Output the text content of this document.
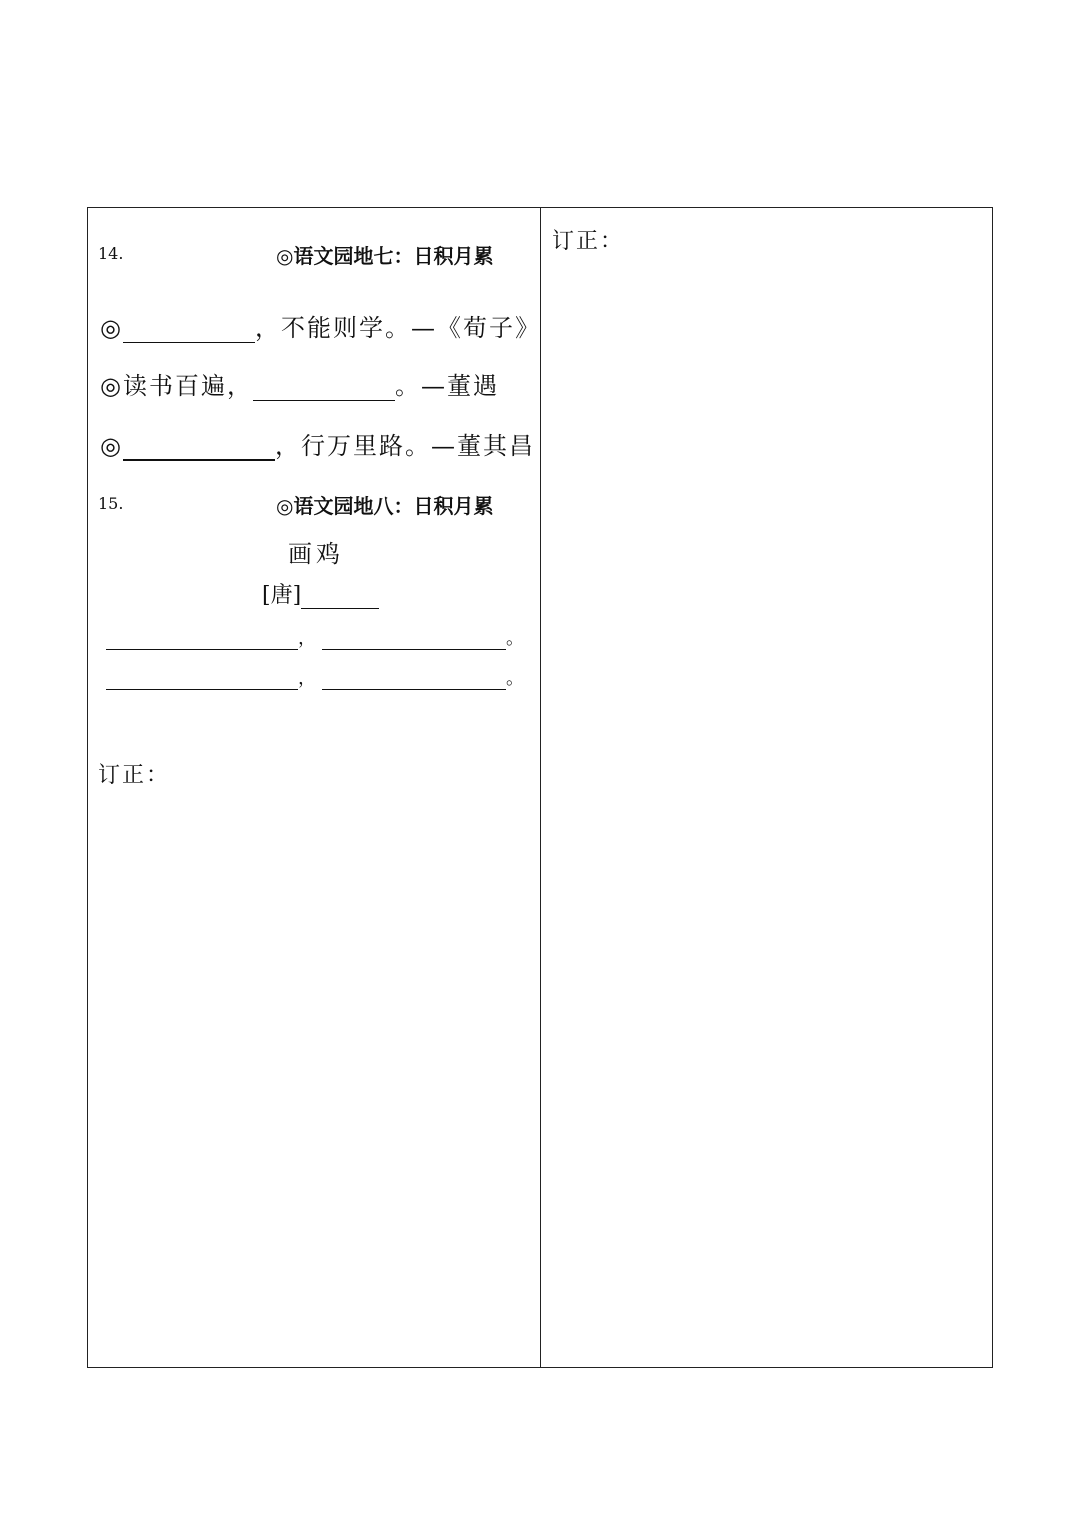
14.	◎语文园地七：日积月累
◎	，不能则学。—《荀子》
◎读书百遍，	。—董遇
◎	，行万里路。—董其昌
15.	◎语文园地八：日积月累
画鸡
[唐]
，	。
，	。
订正：
订正：
